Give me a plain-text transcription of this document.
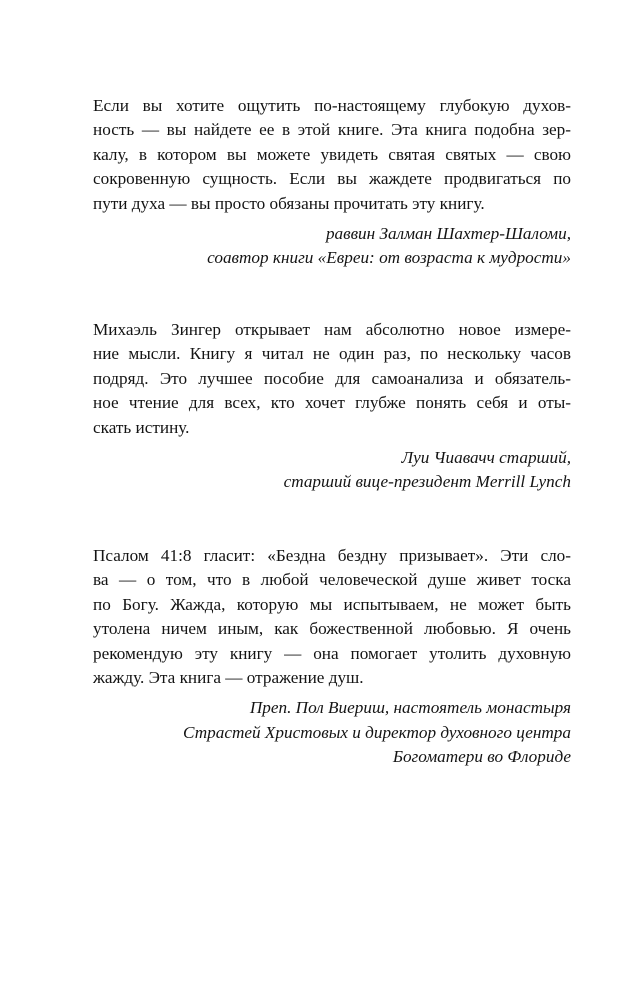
Если вы хотите ощутить по-настоящему глубокую духов-
ность — вы найдете ее в этой книге. Эта книга подобна зер-
калу, в котором вы можете увидеть святая святых — свою
сокровенную сущность. Если вы жаждете продвигаться по
пути духа — вы просто обязаны прочитать эту книгу.
раввин Залман Шахтер-Шаломи,
соавтор книги «Евреи: от возраста к мудрости»
Михаэль Зингер открывает нам абсолютно новое измере-
ние мысли. Книгу я читал не один раз, по нескольку часов
подряд. Это лучшее пособие для самоанализа и обязатель-
ное чтение для всех, кто хочет глубже понять себя и оты-
скать истину.
Луи Чиавачч старший,
старший вице-президент Merrill Lynch
Псалом 41:8 гласит: «Бездна бездну призывает». Эти сло-
ва — о том, что в любой человеческой душе живет тоска
по Богу. Жажда, которую мы испытываем, не может быть
утолена ничем иным, как божественной любовью. Я очень
рекомендую эту книгу — она помогает утолить духовную
жажду. Эта книга — отражение душ.
Преп. Пол Виериш, настоятель монастыря
Страстей Христовых и директор духовного центра
Богоматери во Флориде
